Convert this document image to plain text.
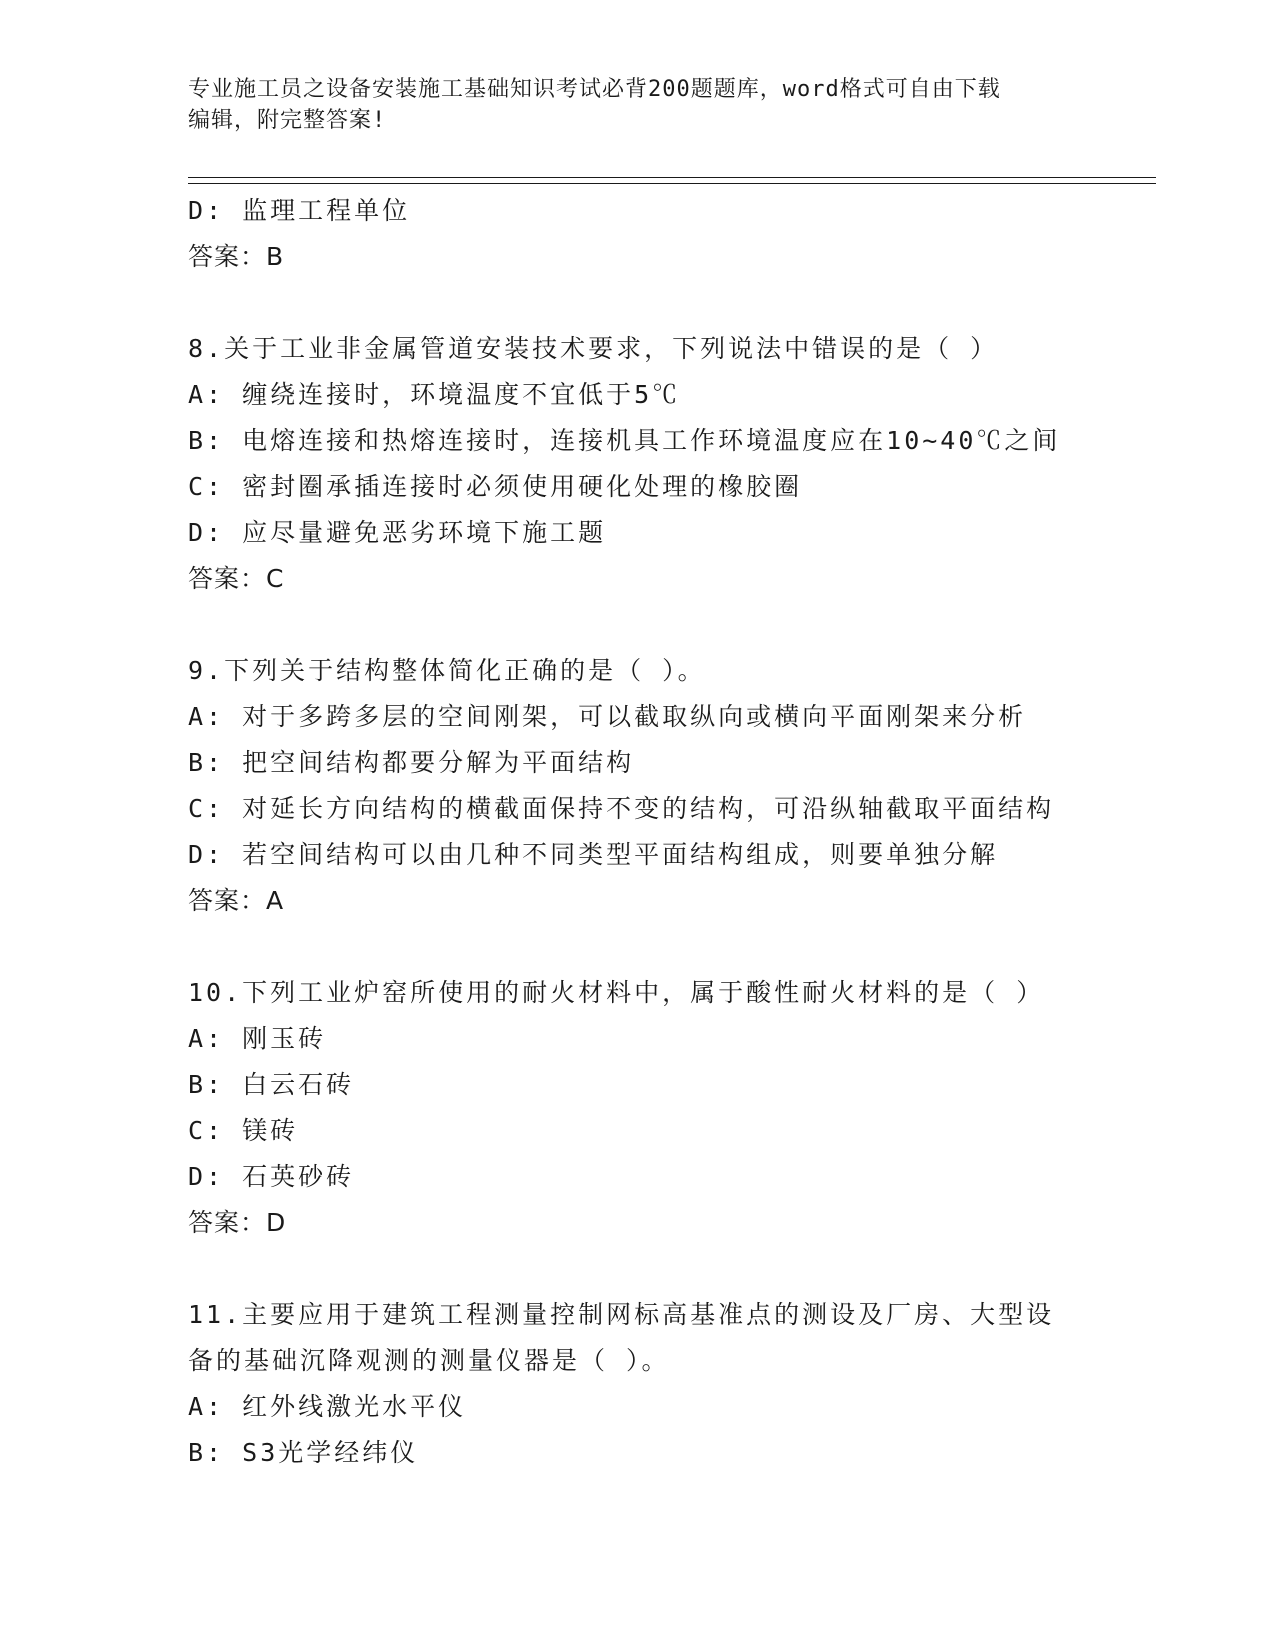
专业施工员之设备安装施工基础知识考试必背200题题库，word格式可自由下载
编辑，附完整答案!
D: 监理工程单位
答案：B
8.关于工业非金属管道安装技术要求，下列说法中错误的是（ ）
A: 缠绕连接时，环境温度不宜低于5℃
B: 电熔连接和热熔连接时，连接机具工作环境温度应在10~40℃之间
C: 密封圈承插连接时必须使用硬化处理的橡胶圈
D: 应尽量避免恶劣环境下施工题
答案：C
9.下列关于结构整体简化正确的是（ ）。
A: 对于多跨多层的空间刚架，可以截取纵向或横向平面刚架来分析
B: 把空间结构都要分解为平面结构
C: 对延长方向结构的横截面保持不变的结构，可沿纵轴截取平面结构
D: 若空间结构可以由几种不同类型平面结构组成，则要单独分解
答案：A
10.下列工业炉窑所使用的耐火材料中，属于酸性耐火材料的是（ ）
A: 刚玉砖
B: 白云石砖
C: 镁砖
D: 石英砂砖
答案：D
11.主要应用于建筑工程测量控制网标高基准点的测设及厂房、大型设
备的基础沉降观测的测量仪器是（ ）。
A: 红外线激光水平仪
B: S3光学经纬仪
